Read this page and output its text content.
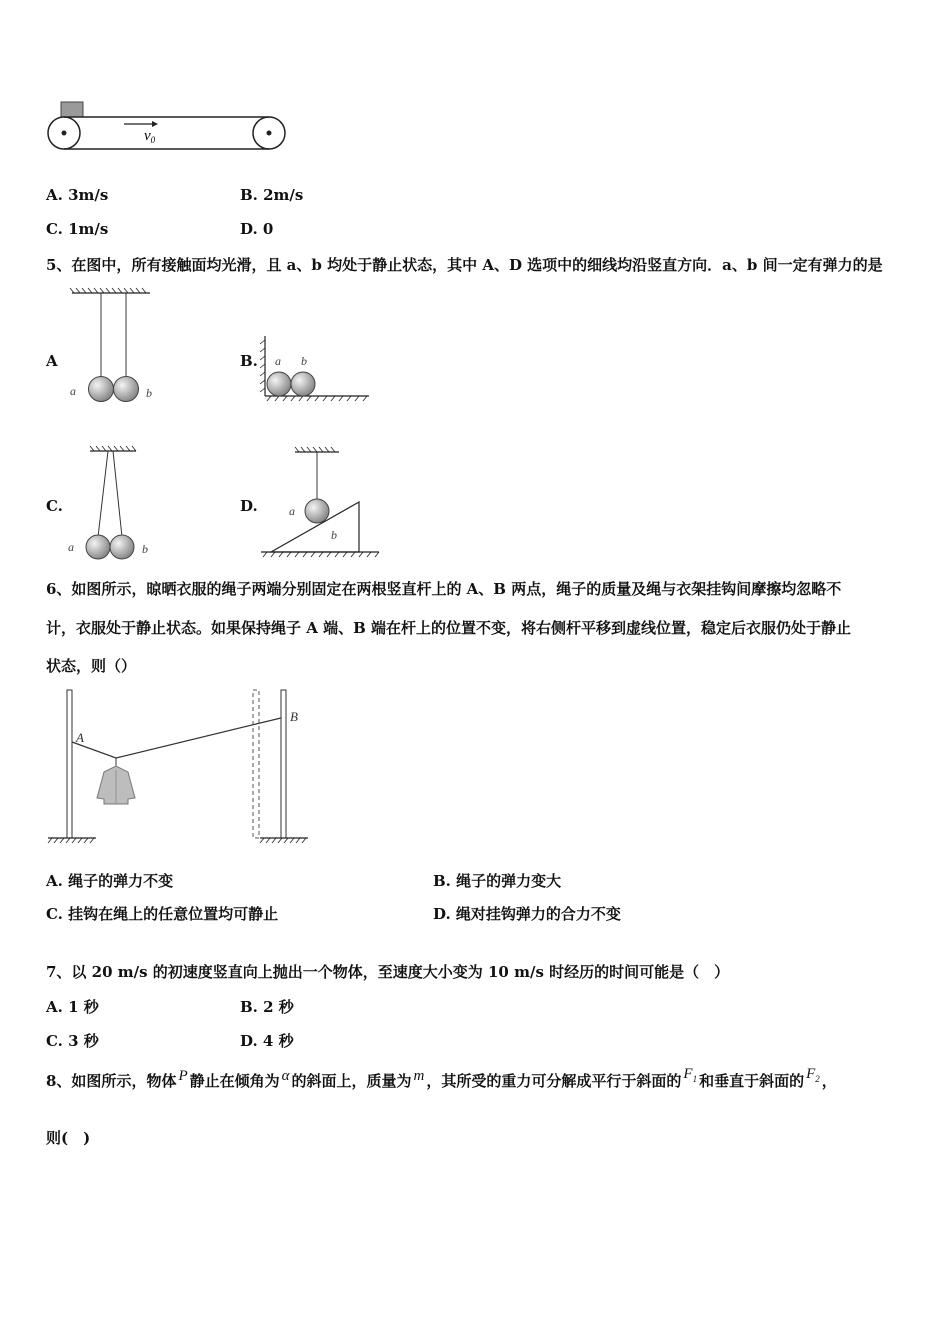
$v_0$
A. 3m/s	B. 2m/s
C. 1m/s	D. 0
5、在图中，所有接触面均光滑，且 a、b 均处于静止状态，其中 A、D 选项中的细线均沿竖直方向．a、b 间一定有弹力的是
A
a	b
B. a b
C.
a	b
D.	a
b
6、如图所示，晾晒衣服的绳子两端分别固定在两根竖直杆上的 A、B 两点，绳子的质量及绳与衣架挂钩间摩擦均忽略不
计，衣服处于静止状态。如果保持绳子 A 端、B 端在杆上的位置不变，将右侧杆平移到虚线位置，稳定后衣服仍处于静止
状态，则（）
A
B
A. 绳子的弹力不变	B. 绳子的弹力变大
C. 挂钩在绳上的任意位置均可静止	D. 绳对挂钩弹力的合力不变
7、以 20 m/s 的初速度竖直向上抛出一个物体，至速度大小变为 10 m/s 时经历的时间可能是（　）
A. 1 秒	B. 2 秒
C. 3 秒	D. 4 秒
8、如图所示，物体 P 静止在倾角为 α 的斜面上，质量为 m ，其所受的重力可分解成平行于斜面的 $F_1$ 和垂直于斜面的 $F_2$ ，
则(　)
